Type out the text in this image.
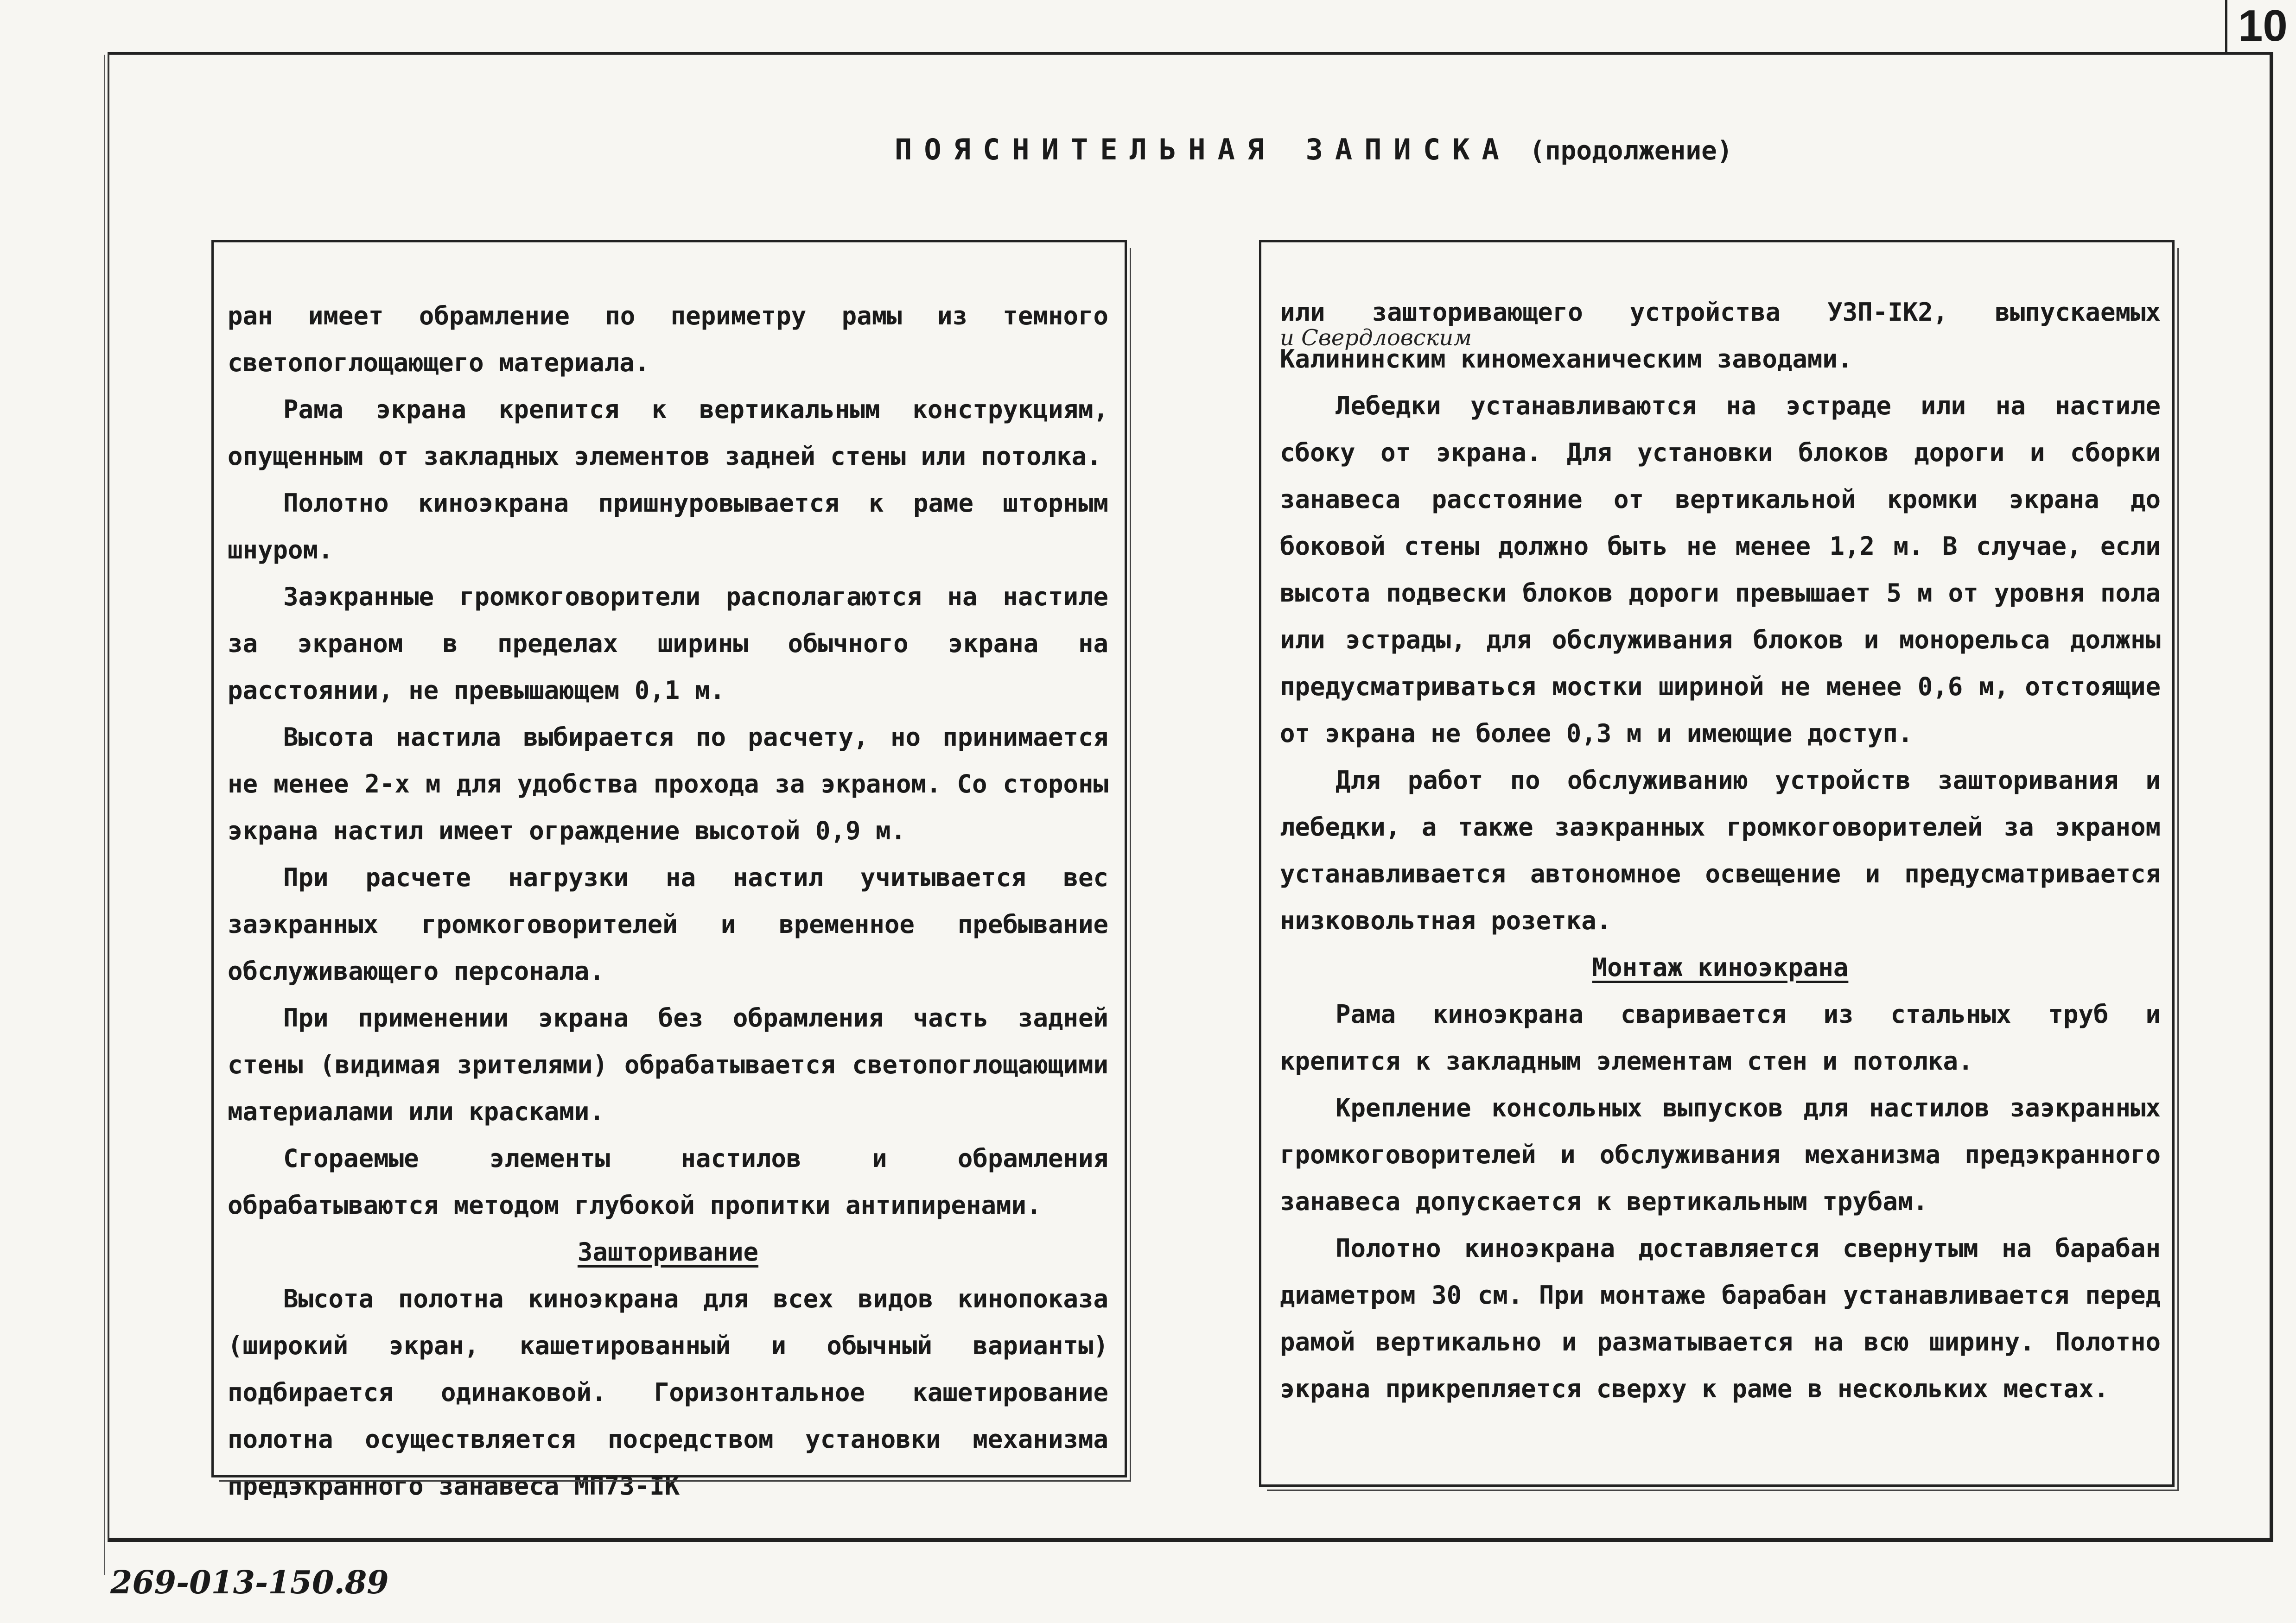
10
ПОЯСНИТЕЛЬНАЯ ЗАПИСКА (продолжение)

ран имеет обрамление по периметру рамы из темного светопоглощающего материала.

Рама экрана крепится к вертикальным конструкциям, опущенным от закладных элементов задней стены или потолка.

Полотно киноэкрана пришнуровывается к раме шторным шнуром.

Заэкранные громкоговорители располагаются на настиле за экраном в пределах ширины обычного экрана на расстоянии, не превышающем 0,1 м.

Высота настила выбирается по расчету, но принимается не менее 2-х м для удобства прохода за экраном. Со стороны экрана настил имеет ограждение высотой 0,9 м.

При расчете нагрузки на настил учитывается вес заэкранных громкоговорителей и временное пребывание обслуживающего персонала.

При применении экрана без обрамления часть задней стены (видимая зрителями) обрабатывается светопоглощающими материалами или красками.

Сгораемые элементы настилов и обрамления обрабатываются методом глубокой пропитки антипиренами.

Зашторивание

Высота полотна киноэкрана для всех видов кинопоказа (широкий экран, кашетированный и обычный варианты) подбирается одинаковой. Горизонтальное кашетирование полотна осуществляется посредством установки механизма предэкранного занавеса МП73-IK

и Свердловским

или зашторивающего устройства УЗП-IK2, выпускаемых Калининским киномеханическим заводами.

Лебедки устанавливаются на эстраде или на настиле сбоку от экрана. Для установки блоков дороги и сборки занавеса расстояние от вертикальной кромки экрана до боковой стены должно быть не менее 1,2 м. В случае, если высота подвески блоков дороги превышает 5 м от уровня пола или эстрады, для обслуживания блоков и монорельса должны предусматриваться мостки шириной не менее 0,6 м, отстоящие от экрана не более 0,3 м и имеющие доступ.

Для работ по обслуживанию устройств зашторивания и лебедки, а также заэкранных громкоговорителей за экраном устанавливается автономное освещение и предусматривается низковольтная розетка.

Монтаж киноэкрана

Рама киноэкрана сваривается из стальных труб и крепится к закладным элементам стен и потолка.

Крепление консольных выпусков для настилов заэкранных громкоговорителей и обслуживания механизма предэкранного занавеса допускается к вертикальным трубам.

Полотно киноэкрана доставляется свернутым на барабан диаметром 30 см. При монтаже барабан устанавливается перед рамой вертикально и разматывается на всю ширину. Полотно экрана прикрепляется сверху к раме в нескольких местах.

269-013-150.89
